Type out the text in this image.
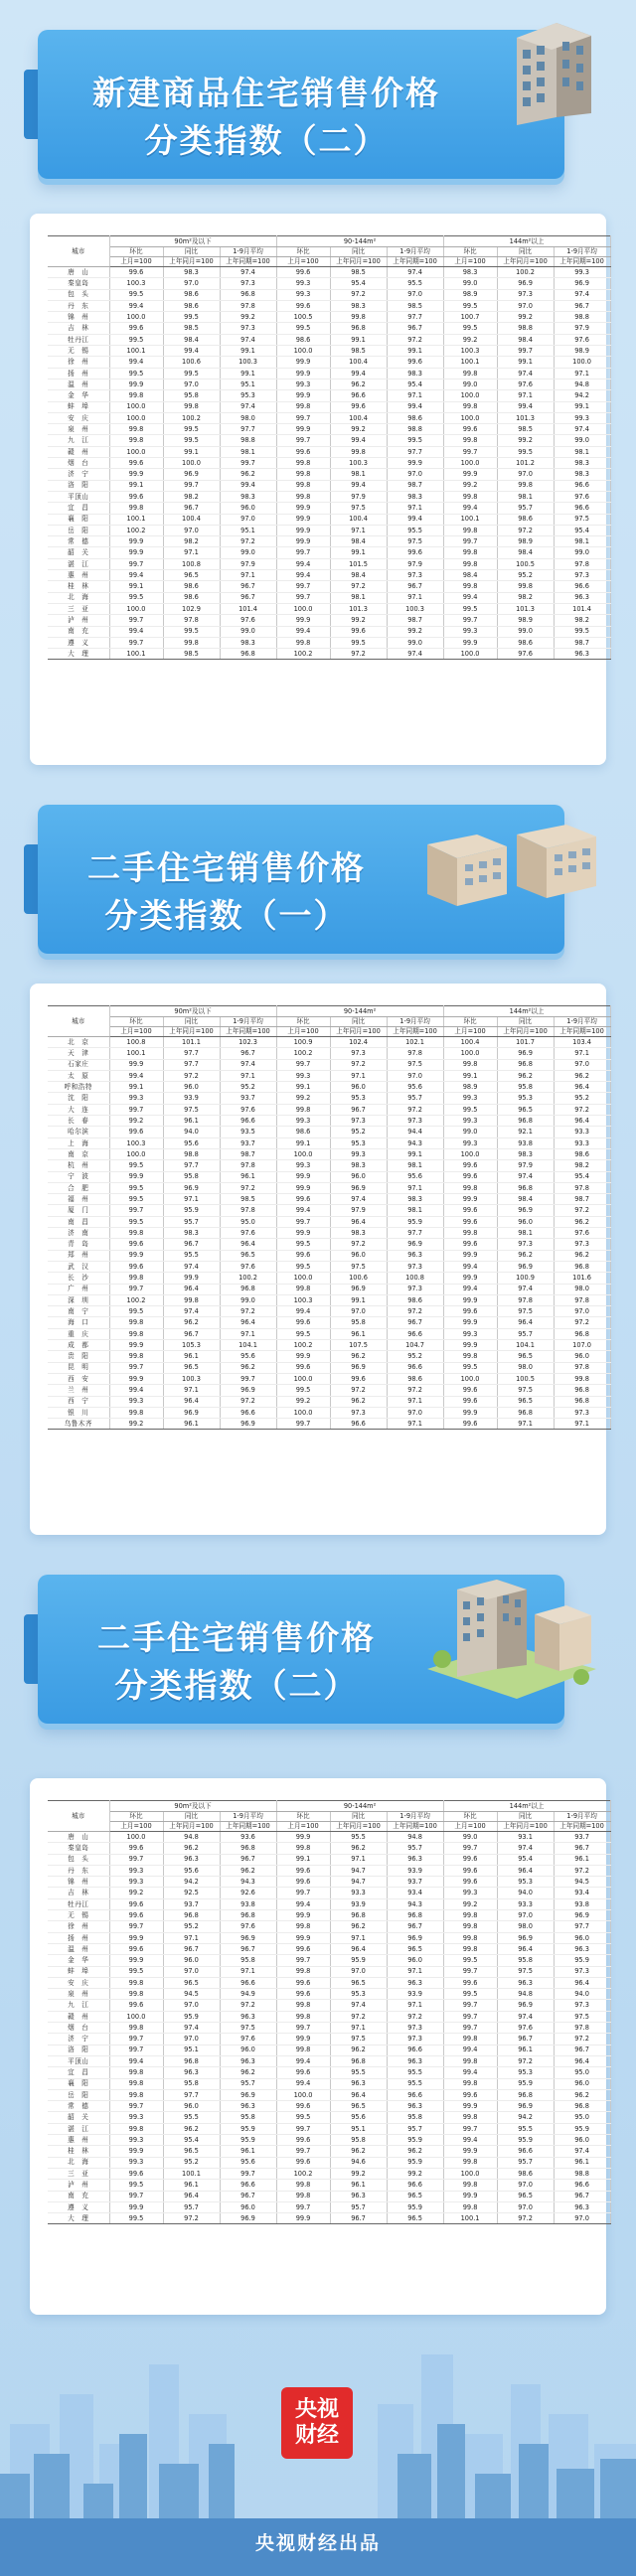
新建商品住宅销售价格
分类指数（二）
城市	90m²及以下			90-144m²			144m²以上		
	环比	同比	1-9月平均	环比	同比	1-9月平均	环比	同比	1-9月平均
	上月=100	上年同月=100	上年同期=100	上月=100	上年同月=100	上年同期=100	上月=100	上年同月=100	上年同期=100
唐　山	99.6	98.3	97.4	99.6	98.5	97.4	98.3	100.2	99.3
秦皇岛	100.3	97.0	97.3	99.3	95.4	95.5	99.0	96.9	96.9
包　头	99.5	98.6	96.8	99.3	97.2	97.0	98.9	97.3	97.4
丹　东	99.4	98.6	97.8	99.6	98.3	98.5	99.5	97.0	96.7
锦　州	100.0	99.5	99.2	100.5	99.8	97.7	100.7	99.2	98.8
吉　林	99.6	98.5	97.3	99.5	96.8	96.7	99.5	98.8	97.9
牡丹江	99.5	98.4	97.4	98.6	99.1	97.2	99.2	98.4	97.6
无　锡	100.1	99.4	99.1	100.0	98.5	99.1	100.3	99.7	98.9
徐　州	99.4	100.6	100.3	99.9	100.4	99.6	100.1	99.1	100.0
扬　州	99.5	99.5	99.1	99.9	99.4	98.3	99.8	97.4	97.1
温　州	99.9	97.0	95.1	99.3	96.2	95.4	99.0	97.6	94.8
金　华	99.8	95.8	95.3	99.9	96.6	97.1	100.0	97.1	94.2
蚌　埠	100.0	99.8	97.4	99.8	99.6	99.4	99.8	99.4	99.1
安　庆	100.0	100.2	98.0	99.7	100.4	98.6	100.0	101.3	99.3
泉　州	99.8	99.5	97.7	99.9	99.2	98.8	99.6	98.5	97.4
九　江	99.8	99.5	98.8	99.7	99.4	99.5	99.8	99.2	99.0
赣　州	100.0	99.1	98.1	99.6	99.8	97.7	99.7	99.5	98.1
烟　台	99.6	100.0	99.7	99.8	100.3	99.9	100.0	101.2	98.3
济　宁	99.9	96.9	96.2	99.8	98.1	97.0	99.9	97.0	98.3
洛　阳	99.1	99.7	99.4	99.8	99.4	98.7	99.2	99.8	96.6
平顶山	99.6	98.2	98.3	99.8	97.9	98.3	99.8	98.1	97.6
宜　昌	99.8	96.7	96.0	99.9	97.5	97.1	99.4	95.7	96.6
襄　阳	100.1	100.4	97.0	99.9	100.4	99.4	100.1	98.6	97.5
岳　阳	100.2	97.0	95.1	99.9	97.1	95.5	99.8	97.2	95.4
常　德	99.9	98.2	97.2	99.9	98.4	97.5	99.7	98.9	98.1
韶　关	99.9	97.1	99.0	99.7	99.1	99.6	99.8	98.4	99.0
湛　江	99.7	100.8	97.9	99.4	101.5	97.9	99.8	100.5	97.8
惠　州	99.4	96.5	97.1	99.4	98.4	97.3	98.4	95.2	97.3
桂　林	99.1	98.6	96.7	99.7	97.2	96.7	99.8	99.8	96.6
北　海	99.5	98.6	96.7	99.7	98.1	97.1	99.4	98.2	96.3
三　亚	100.0	102.9	101.4	100.0	101.3	100.3	99.5	101.3	101.4
泸　州	99.7	97.8	97.6	99.9	99.2	98.7	99.7	98.9	98.2
南　充	99.4	99.5	99.0	99.4	99.6	99.2	99.3	99.0	99.5
遵　义	99.7	99.8	98.3	99.8	99.5	99.0	99.9	98.6	98.7
大　理	100.1	98.5	96.8	100.2	97.2	97.4	100.0	97.6	96.3
二手住宅销售价格
分类指数（一）
城市	90m²及以下			90-144m²			144m²以上		
	环比	同比	1-9月平均	环比	同比	1-9月平均	环比	同比	1-9月平均
	上月=100	上年同月=100	上年同期=100	上月=100	上年同月=100	上年同期=100	上月=100	上年同月=100	上年同期=100
北　京	100.8	101.1	102.3	100.9	102.4	102.1	100.4	101.7	103.4
天　津	100.1	97.7	96.7	100.2	97.3	97.8	100.0	96.9	97.1
石家庄	99.9	97.7	97.4	99.7	97.2	97.5	99.8	96.8	97.0
太　原	99.4	97.2	97.1	99.3	97.1	97.0	99.1	96.2	96.2
呼和浩特	99.1	96.0	95.2	99.1	96.0	95.6	98.9	95.8	96.4
沈　阳	99.3	93.9	93.7	99.2	95.3	95.7	99.3	95.3	95.2
大　连	99.7	97.5	97.6	99.8	96.7	97.2	99.5	96.5	97.2
长　春	99.2	96.1	96.6	99.3	97.3	97.3	99.3	96.8	96.4
哈尔滨	99.6	94.0	93.5	98.6	95.2	94.4	99.0	92.1	93.3
上　海	100.3	95.6	93.7	99.1	95.3	94.3	99.3	93.8	93.3
南　京	100.0	98.8	98.7	100.0	99.3	99.1	100.0	98.3	98.6
杭　州	99.5	97.7	97.8	99.3	98.3	98.1	99.6	97.9	98.2
宁　波	99.9	95.8	96.1	99.9	96.0	95.6	99.6	97.4	95.4
合　肥	99.5	96.9	97.2	99.9	96.9	97.1	99.8	96.8	97.8
福　州	99.5	97.1	98.5	99.6	97.4	98.3	99.9	98.4	98.7
厦　门	99.7	95.9	97.8	99.4	97.9	98.1	99.6	96.9	97.2
南　昌	99.5	95.7	95.0	99.7	96.4	95.9	99.6	96.0	96.2
济　南	99.8	98.3	97.6	99.9	98.3	97.7	99.8	98.1	97.6
青　岛	99.6	96.7	96.4	99.5	97.2	96.9	99.6	97.3	97.3
郑　州	99.9	95.5	96.5	99.6	96.0	96.3	99.9	96.2	96.2
武　汉	99.6	97.4	97.6	99.5	97.5	97.3	99.4	96.9	96.8
长　沙	99.8	99.9	100.2	100.0	100.6	100.8	99.9	100.9	101.6
广　州	99.7	96.4	96.8	99.8	96.9	97.3	99.4	97.4	98.0
深　圳	100.2	99.8	99.0	100.3	99.1	98.6	99.9	97.8	97.8
南　宁	99.5	97.4	97.2	99.4	97.0	97.2	99.6	97.5	97.0
海　口	99.8	96.2	96.4	99.6	95.8	96.7	99.9	96.4	97.2
重　庆	99.8	96.7	97.1	99.5	96.1	96.6	99.3	95.7	96.8
成　都	99.9	105.3	104.1	100.2	107.5	104.7	99.9	104.1	107.0
贵　阳	99.8	96.1	95.6	99.9	96.2	95.2	99.8	96.5	96.0
昆　明	99.7	96.5	96.2	99.6	96.9	96.6	99.5	98.0	97.8
西　安	99.9	100.3	99.7	100.0	99.6	98.6	100.0	100.5	99.8
兰　州	99.4	97.1	96.9	99.5	97.2	97.2	99.6	97.5	96.8
西　宁	99.3	96.4	97.2	99.2	96.2	97.1	99.6	96.5	96.8
银　川	99.8	96.9	96.6	100.0	97.3	97.0	99.9	96.8	97.3
乌鲁木齐	99.2	96.1	96.9	99.7	96.6	97.1	99.6	97.1	97.1
二手住宅销售价格
分类指数（二）
城市	90m²及以下			90-144m²			144m²以上		
	环比	同比	1-9月平均	环比	同比	1-9月平均	环比	同比	1-9月平均
	上月=100	上年同月=100	上年同期=100	上月=100	上年同月=100	上年同期=100	上月=100	上年同月=100	上年同期=100
唐　山	100.0	94.8	93.6	99.9	95.5	94.8	99.0	93.1	93.7
秦皇岛	99.6	96.2	96.8	99.8	96.2	95.7	99.7	97.4	96.7
包　头	99.7	96.3	96.7	99.1	97.1	96.3	99.6	95.4	96.1
丹　东	99.3	95.6	96.2	99.6	94.7	93.9	99.6	96.4	97.2
锦　州	99.3	94.2	94.3	99.6	94.7	93.7	99.6	95.3	94.5
吉　林	99.2	92.5	92.6	99.7	93.3	93.4	99.3	94.0	93.4
牡丹江	99.6	93.7	93.8	99.4	93.9	94.3	99.2	93.3	93.8
无　锡	99.6	96.8	96.8	99.9	96.8	96.8	99.8	97.0	96.9
徐　州	99.7	95.2	97.6	99.8	96.2	96.7	99.8	98.0	97.7
扬　州	99.9	97.1	96.9	99.9	97.1	96.9	99.8	96.9	96.0
温　州	99.6	96.7	96.7	99.6	96.4	96.5	99.8	96.4	96.3
金　华	99.9	96.0	95.8	99.7	95.9	96.0	99.5	95.8	95.9
蚌　埠	99.5	97.0	97.1	99.8	97.0	97.1	99.7	97.5	97.3
安　庆	99.8	96.5	96.6	99.6	96.5	96.3	99.6	96.3	96.4
泉　州	99.8	94.5	94.9	99.6	95.3	93.9	99.5	94.8	94.0
九　江	99.6	97.0	97.2	99.8	97.4	97.1	99.7	96.9	97.3
赣　州	100.0	95.9	96.3	99.8	97.2	97.2	99.7	97.4	97.5
烟　台	99.8	97.4	97.5	99.7	97.1	97.3	99.7	97.6	97.8
济　宁	99.7	97.0	97.6	99.9	97.5	97.3	99.8	96.7	97.2
洛　阳	99.7	95.1	96.0	99.8	96.2	96.6	99.4	96.1	96.7
平顶山	99.4	96.8	96.3	99.4	96.8	96.3	99.8	97.2	96.4
宜　昌	99.8	96.3	96.2	99.6	95.5	95.5	99.4	95.3	95.0
襄　阳	99.8	95.8	95.7	99.4	96.3	95.5	99.8	95.9	96.0
岳　阳	99.8	97.7	96.9	100.0	96.4	96.6	99.6	96.8	96.2
常　德	99.7	96.0	96.3	99.6	96.5	96.3	99.9	96.9	96.8
韶　关	99.3	95.5	95.8	99.5	95.6	95.8	99.8	94.2	95.0
湛　江	99.8	96.2	95.9	99.7	95.1	95.7	99.7	95.5	95.9
惠　州	99.3	95.4	95.9	99.6	95.8	95.9	99.4	95.9	96.0
桂　林	99.9	96.5	96.1	99.7	96.2	96.2	99.9	96.6	97.4
北　海	99.3	95.2	95.6	99.6	94.6	95.9	99.8	95.7	96.1
三　亚	99.6	100.1	99.7	100.2	99.2	99.2	100.0	98.6	98.8
泸　州	99.5	96.1	96.6	99.8	96.1	96.6	99.8	97.0	96.6
南　充	99.7	96.4	96.7	99.8	96.3	96.5	99.9	96.5	96.7
遵　义	99.9	95.7	96.0	99.7	95.7	95.9	99.8	97.0	96.3
大　理	99.5	97.2	96.9	99.9	96.7	96.5	100.1	97.2	97.0
央视
财经
央视财经出品
